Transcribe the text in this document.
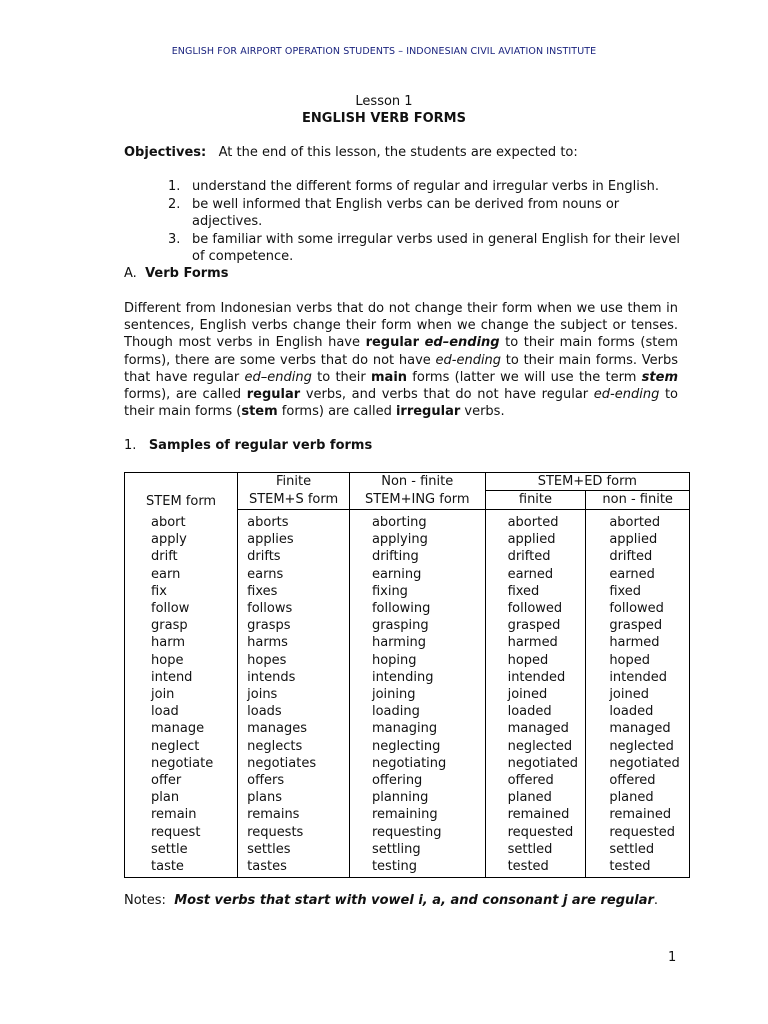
ENGLISH FOR AIRPORT OPERATION STUDENTS – INDONESIAN CIVIL AVIATION INSTITUTE
Lesson 1
ENGLISH VERB FORMS
Objectives: At the end of this lesson, the students are expected to:
1. understand the different forms of regular and irregular verbs in English.
2. be well informed that English verbs can be derived from nouns or adjectives.
3. be familiar with some irregular verbs used in general English for their level of competence.
A. Verb Forms
Different from Indonesian verbs that do not change their form when we use them in sentences, English verbs change their form when we change the subject or tenses. Though most verbs in English have regular ed–ending to their main forms (stem forms), there are some verbs that do not have ed-ending to their main forms. Verbs that have regular ed–ending to their main forms (latter we will use the term stem forms), are called regular verbs, and verbs that do not have regular ed-ending to their main forms (stem forms) are called irregular verbs.
1. Samples of regular verb forms
STEM form	Finite	Non - finite	STEM+ED form	
	STEM+S form	STEM+ING form	finite	non - finite

abort	aborts	aborting	aborted	aborted
apply	applies	applying	applied	applied
drift	drifts	drifting	drifted	drifted
earn	earns	earning	earned	earned
fix	fixes	fixing	fixed	fixed
follow	follows	following	followed	followed
grasp	grasps	grasping	grasped	grasped
harm	harms	harming	harmed	harmed
hope	hopes	hoping	hoped	hoped
intend	intends	intending	intended	intended
join	joins	joining	joined	joined
load	loads	loading	loaded	loaded
manage	manages	managing	managed	managed
neglect	neglects	neglecting	neglected	neglected
negotiate	negotiates	negotiating	negotiated	negotiated
offer	offers	offering	offered	offered
plan	plans	planning	planed	planed
remain	remains	remaining	remained	remained
request	requests	requesting	requested	requested
settle	settles	settling	settled	settled
taste	tastes	testing	tested	tested

Notes: Most verbs that start with vowel i, a, and consonant j are regular.
1
